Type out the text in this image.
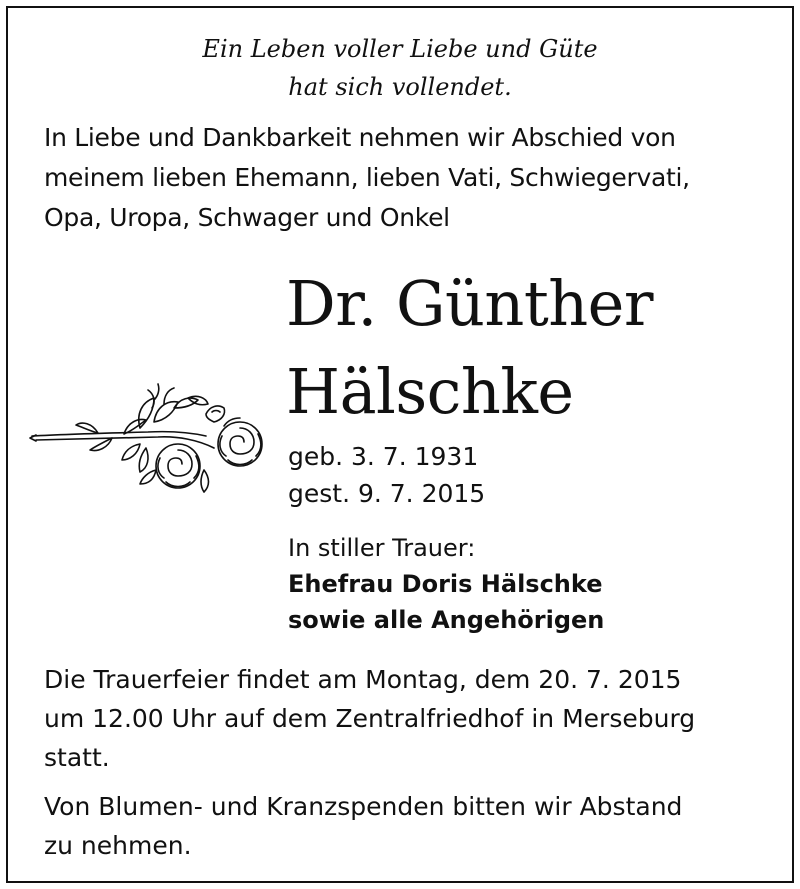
Ein Leben voller Liebe und Güte
hat sich vollendet.
In Liebe und Dankbarkeit nehmen wir Abschied von
meinem lieben Ehemann, lieben Vati, Schwiegervati,
Opa, Uropa, Schwager und Onkel
Dr. Günther
Hälschke
geb. 3. 7. 1931
gest. 9. 7. 2015
In stiller Trauer:
Ehefrau Doris Hälschke
sowie alle Angehörigen
Die Trauerfeier findet am Montag, dem 20. 7. 2015
um 12.00 Uhr auf dem Zentralfriedhof in Merseburg
statt.
Von Blumen- und Kranzspenden bitten wir Abstand
zu nehmen.
